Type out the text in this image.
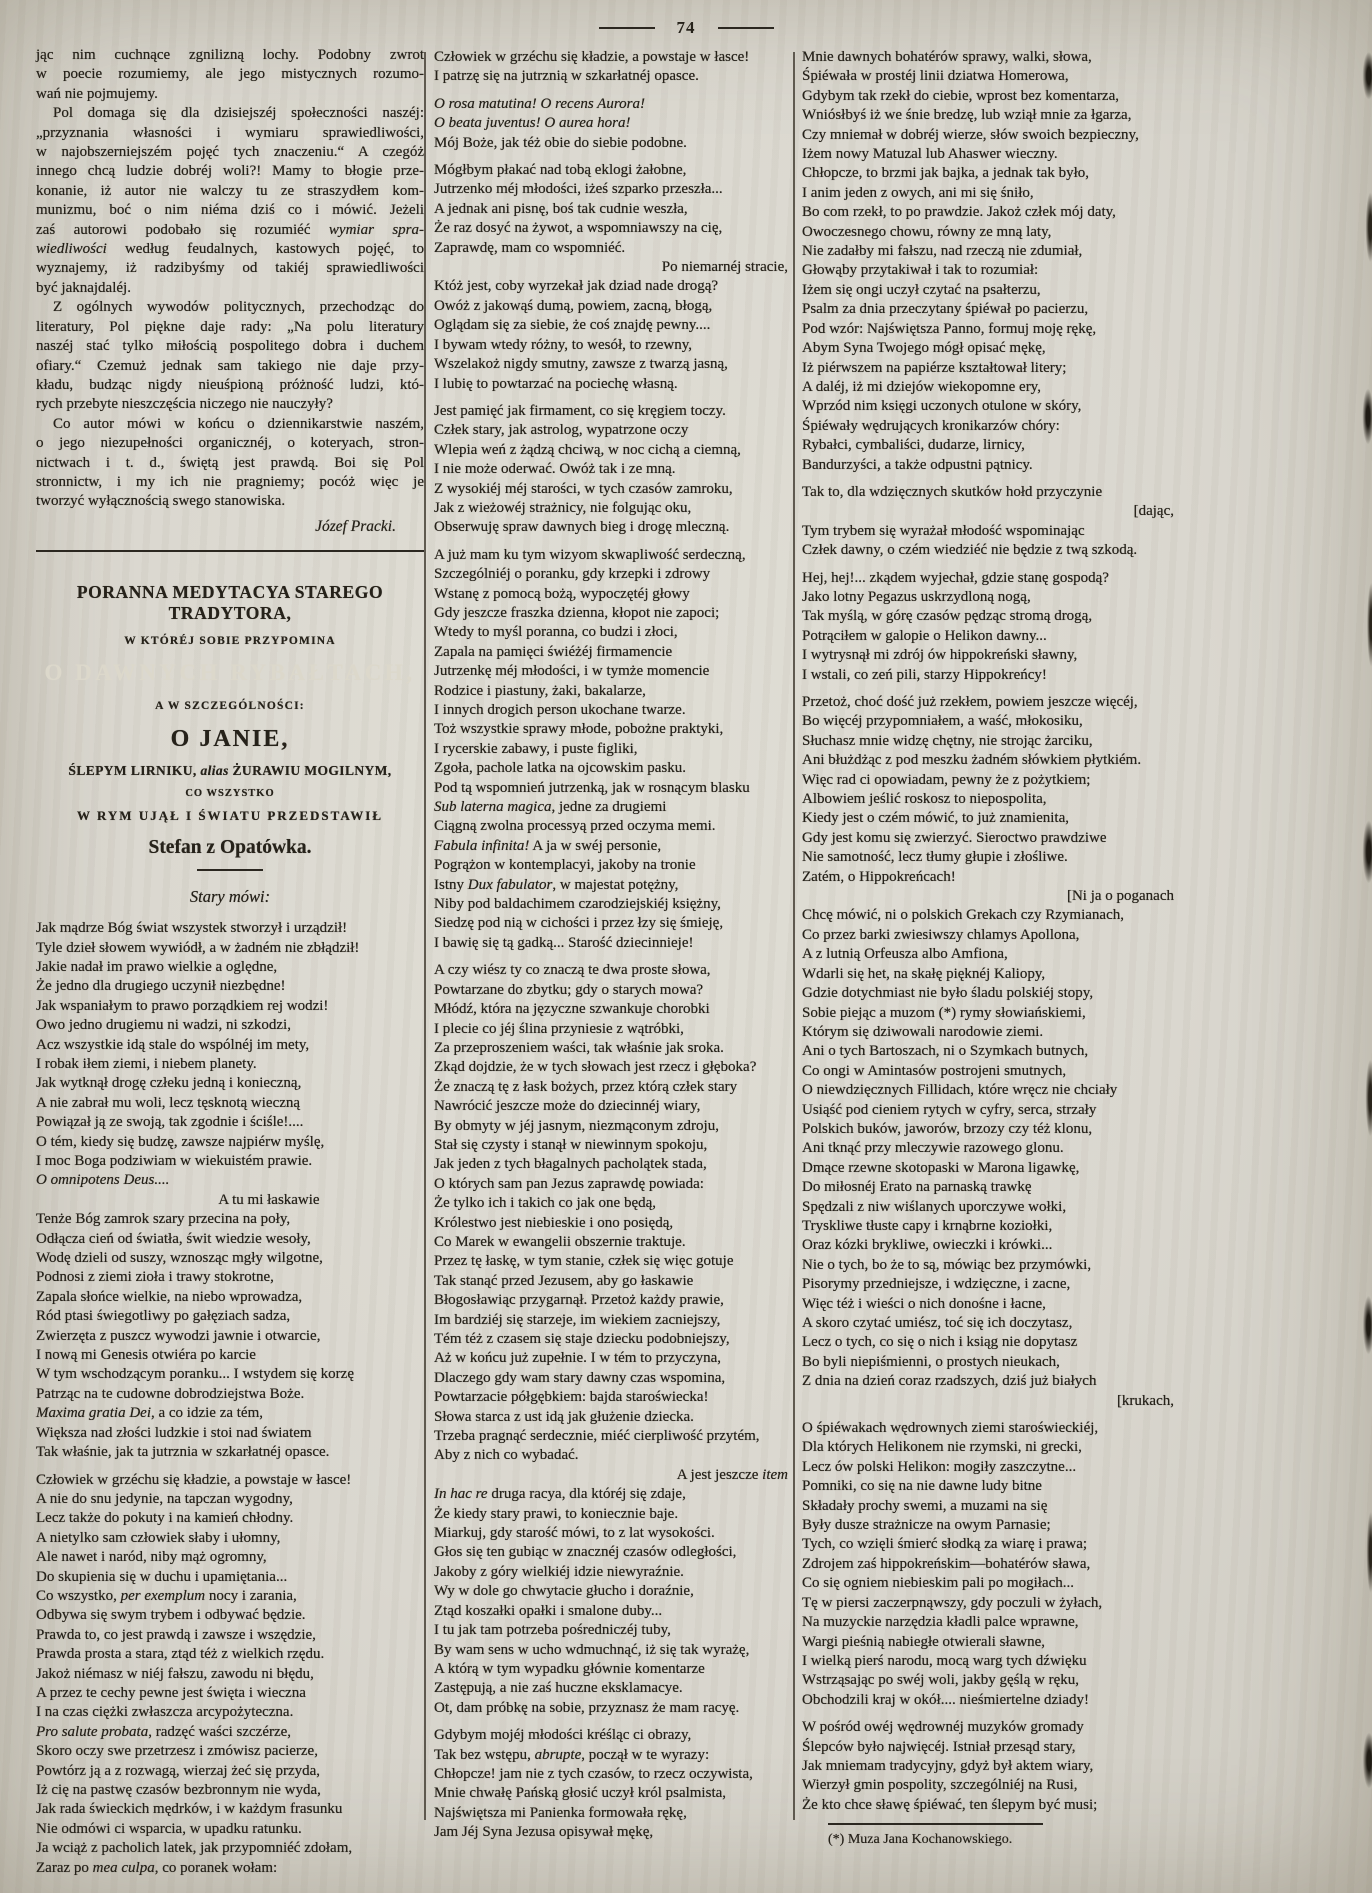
74
jąc nim cuchnące zgnilizną lochy. Podobny zwrot
w poecie rozumiemy, ale jego mistycznych rozumo-
wań nie pojmujemy.
Pol domaga się dla dzisiejszéj społeczności naszéj:
„przyznania własności i wymiaru sprawiedliwości,
w najobszerniejszém pojęć tych znaczeniu.“ A czegóż
innego chcą ludzie dobréj woli?! Mamy to błogie prze-
konanie, iż autor nie walczy tu ze straszydłem kom-
munizmu, boć o nim niéma dziś co i mówić. Jeżeli
zaś autorowi podobało się rozumiéć wymiar spra-
wiedliwości według feudalnych, kastowych pojęć, to
wyznajemy, iż radzibyśmy od takiéj sprawiedliwości
być jaknajdaléj.
Z ogólnych wywodów politycznych, przechodząc do
literatury, Pol piękne daje rady: „Na polu literatury
naszéj stać tylko miłością pospolitego dobra i duchem
ofiary.“ Czemuż jednak sam takiego nie daje przy-
kładu, budząc nigdy nieuśpioną próżność ludzi, któ-
rych przebyte nieszczęścia niczego nie nauczyły?
Co autor mówi w końcu o dziennikarstwie naszém,
o jego niezupełności organicznéj, o koteryach, stron-
nictwach i t. d., świętą jest prawdą. Boi się Pol
stronnictw, i my ich nie pragniemy; pocóż więc je
tworzyć wyłącznością swego stanowiska.
Józef Pracki.
PORANNA MEDYTACYA STAREGO TRADYTORA,
W KTÓRÉJ SOBIE PRZYPOMINA
O DAWNYCH RYBAŁTACH,
A W SZCZEGÓLNOŚCI:
O JANIE,
ŚLEPYM LIRNIKU, alias ŻURAWIU MOGILNYM,
CO WSZYSTKO
W RYM UJĄŁ I ŚWIATU PRZEDSTAWIŁ
Stefan z Opatówka.
Stary mówi:
Jak mądrze Bóg świat wszystek stworzył i urządził!
Tyle dzieł słowem wywiódł, a w żadném nie zbłądził!
Jakie nadał im prawo wielkie a oględne,
Że jedno dla drugiego uczynił niezbędne!
Jak wspaniałym to prawo porządkiem rej wodzi!
Owo jedno drugiemu ni wadzi, ni szkodzi,
Acz wszystkie idą stale do wspólnéj im mety,
I robak iłem ziemi, i niebem planety.
Jak wytknął drogę człeku jedną i konieczną,
A nie zabrał mu woli, lecz tęsknotą wieczną
Powiązał ją ze swoją, tak zgodnie i ściśle!....
O tém, kiedy się budzę, zawsze najpiérw myślę,
I moc Boga podziwiam w wiekuistém prawie.
O omnipotens Deus....
A tu mi łaskawie
Tenże Bóg zamrok szary przecina na poły,
Odłącza cień od światła, świt wiedzie wesoły,
Wodę dzieli od suszy, wznosząc mgły wilgotne,
Podnosi z ziemi zioła i trawy stokrotne,
Zapala słońce wielkie, na niebo wprowadza,
Ród ptasi świegotliwy po gałęziach sadza,
Zwierzęta z puszcz wywodzi jawnie i otwarcie,
I nową mi Genesis otwiéra po karcie
W tym wschodzącym poranku... I wstydem się korzę
Patrząc na te cudowne dobrodziejstwa Boże.
Maxima gratia Dei, a co idzie za tém,
Większa nad złości ludzkie i stoi nad światem
Tak właśnie, jak ta jutrznia w szkarłatnéj opasce.
Człowiek w grzéchu się kładzie, a powstaje w łasce!
A nie do snu jedynie, na tapczan wygodny,
Lecz także do pokuty i na kamień chłodny.
A nietylko sam człowiek słaby i ułomny,
Ale nawet i naród, niby mąż ogromny,
Do skupienia się w duchu i upamiętania...
Co wszystko, per exemplum nocy i zarania,
Odbywa się swym trybem i odbywać będzie.
Prawda to, co jest prawdą i zawsze i wszędzie,
Prawda prosta a stara, ztąd téż z wielkich rzędu.
Jakoż niémasz w niéj fałszu, zawodu ni błędu,
A przez te cechy pewne jest święta i wieczna
I na czas ciężki zwłaszcza arcypożyteczna.
Pro salute probata, radzęć waści szczérze,
Skoro oczy swe przetrzesz i zmówisz pacierze,
Powtórz ją a z rozwagą, wierzaj żeć się przyda,
Iż cię na pastwę czasów bezbronnym nie wyda,
Jak rada świeckich mędrków, i w każdym frasunku
Nie odmówi ci wsparcia, w upadku ratunku.
Ja wciąż z pacholich latek, jak przypomniéć zdołam,
Zaraz po mea culpa, co poranek wołam:
Człowiek w grzéchu się kładzie, a powstaje w łasce!
I patrzę się na jutrznią w szkarłatnéj opasce.
O rosa matutina! O recens Aurora!
O beata juventus! O aurea hora!
Mój Boże, jak téż obie do siebie podobne.
Mógłbym płakać nad tobą eklogi żałobne,
Jutrzenko méj młodości, iżeś szparko przeszła...
A jednak ani pisnę, boś tak cudnie weszła,
Że raz dosyć na żywot, a wspomniawszy na cię,
Zaprawdę, mam co wspomniéć.
Po niemarnéj stracie,
Któż jest, coby wyrzekał jak dziad nade drogą?
Owóż z jakowąś dumą, powiem, zacną, błogą,
Oglądam się za siebie, że coś znajdę pewny....
I bywam wtedy różny, to wesół, to rzewny,
Wszelakoż nigdy smutny, zawsze z twarzą jasną,
I lubię to powtarzać na pociechę własną.
Jest pamięć jak firmament, co się kręgiem toczy.
Człek stary, jak astrolog, wypatrzone oczy
Wlepia weń z żądzą chciwą, w noc cichą a ciemną,
I nie może oderwać. Owóż tak i ze mną.
Z wysokiéj méj starości, w tych czasów zamroku,
Jak z wieżowéj strażnicy, nie folgując oku,
Obserwuję spraw dawnych bieg i drogę mleczną.
A już mam ku tym wizyom skwapliwość serdeczną,
Szczególniéj o poranku, gdy krzepki i zdrowy
Wstanę z pomocą bożą, wypoczętéj głowy
Gdy jeszcze fraszka dzienna, kłopot nie zapoci;
Wtedy to myśl poranna, co budzi i złoci,
Zapala na pamięci świéżéj firmamencie
Jutrzenkę méj młodości, i w tymże momencie
Rodzice i piastuny, żaki, bakalarze,
I innych drogich person ukochane twarze.
Toż wszystkie sprawy młode, pobożne praktyki,
I rycerskie zabawy, i puste figliki,
Zgoła, pachole latka na ojcowskim pasku.
Pod tą wspomnień jutrzenką, jak w rosnącym blasku
Sub laterna magica, jedne za drugiemi
Ciągną zwolna processyą przed oczyma memi.
Fabula infinita! A ja w swéj personie,
Pogrążon w kontemplacyi, jakoby na tronie
Istny Dux fabulator, w majestat potężny,
Niby pod baldachimem czarodziejskiéj księżny,
Siedzę pod nią w cichości i przez łzy się śmieję,
I bawię się tą gadką... Starość dziecinnieje!
A czy wiész ty co znaczą te dwa proste słowa,
Powtarzane do zbytku; gdy o starych mowa?
Młódź, która na języczne szwankuje chorobki
I plecie co jéj ślina przyniesie z wątróbki,
Za przeproszeniem waści, tak właśnie jak sroka.
Zkąd dojdzie, że w tych słowach jest rzecz i głęboka?
Że znaczą tę z łask bożych, przez którą człek stary
Nawrócić jeszcze może do dziecinnéj wiary,
By obmyty w jéj jasnym, niezmąconym zdroju,
Stał się czysty i stanął w niewinnym spokoju,
Jak jeden z tych błagalnych pacholątek stada,
O których sam pan Jezus zaprawdę powiada:
Że tylko ich i takich co jak one będą,
Królestwo jest niebieskie i ono posiędą,
Co Marek w ewangelii obszernie traktuje.
Przez tę łaskę, w tym stanie, człek się więc gotuje
Tak stanąć przed Jezusem, aby go łaskawie
Błogosławiąc przygarnął. Przetoż każdy prawie,
Im bardziéj się starzeje, im wiekiem zacniejszy,
Tém téż z czasem się staje dziecku podobniejszy,
Aż w końcu już zupełnie. I w tém to przyczyna,
Dlaczego gdy wam stary dawny czas wspomina,
Powtarzacie półgębkiem: bajda staroświecka!
Słowa starca z ust idą jak głużenie dziecka.
Trzeba pragnąć serdecznie, miéć cierpliwość przytém,
Aby z nich co wybadać.
A jest jeszcze item
In hac re druga racya, dla któréj się zdaje,
Że kiedy stary prawi, to koniecznie baje.
Miarkuj, gdy starość mówi, to z lat wysokości.
Głos się ten gubiąc w znacznéj czasów odległości,
Jakoby z góry wielkiéj idzie niewyraźnie.
Wy w dole go chwytacie głucho i doraźnie,
Ztąd koszałki opałki i smalone duby...
I tu jak tam potrzeba pośredniczéj tuby,
By wam sens w ucho wdmuchnąć, iż się tak wyrażę,
A którą w tym wypadku głównie komentarze
Zastępują, a nie zaś huczne eksklamacye.
Ot, dam próbkę na sobie, przyznasz że mam racyę.
Gdybym mojéj młodości kréśląc ci obrazy,
Tak bez wstępu, abrupte, począł w te wyrazy:
Chłopcze! jam nie z tych czasów, to rzecz oczywista,
Mnie chwałę Pańską głosić uczył król psalmista,
Najświętsza mi Panienka formowała rękę,
Jam Jéj Syna Jezusa opisywał mękę,
Mnie dawnych bohatérów sprawy, walki, słowa,
Śpiéwała w prostéj linii dziatwa Homerowa,
Gdybym tak rzekł do ciebie, wprost bez komentarza,
Wniósłbyś iż we śnie bredzę, lub wziął mnie za łgarza,
Czy mniemał w dobréj wierze, słów swoich bezpieczny,
Iżem nowy Matuzal lub Ahaswer wieczny.
Chłopcze, to brzmi jak bajka, a jednak tak było,
I anim jeden z owych, ani mi się śniło,
Bo com rzekł, to po prawdzie. Jakoż człek mój daty,
Owoczesnego chowu, równy ze mną laty,
Nie zadałby mi fałszu, nad rzeczą nie zdumiał,
Głowąby przytakiwał i tak to rozumiał:
Iżem się ongi uczył czytać na psałterzu,
Psalm za dnia przeczytany śpiéwał po pacierzu,
Pod wzór: Najświętsza Panno, formuj moję rękę,
Abym Syna Twojego mógł opisać mękę,
Iż piérwszem na papiérze kształtował litery;
A daléj, iż mi dziejów wiekopomne ery,
Wprzód nim księgi uczonych otulone w skóry,
Śpiéwały wędrujących kronikarzów chóry:
Rybałci, cymbaliści, dudarze, lirnicy,
Bandurzyści, a także odpustni pątnicy.
Tak to, dla wdzięcznych skutków hołd przyczynie
[dając,
Tym trybem się wyrażał młodość wspominając
Człek dawny, o czém wiedziéć nie będzie z twą szkodą.
Hej, hej!... zkądem wyjechał, gdzie stanę gospodą?
Jako lotny Pegazus uskrzydloną nogą,
Tak myślą, w górę czasów pędząc stromą drogą,
Potrąciłem w galopie o Helikon dawny...
I wytrysnął mi zdrój ów hippokreński sławny,
I wstali, co zeń pili, starzy Hippokreńcy!
Przetoż, choć dość już rzekłem, powiem jeszcze więcéj,
Bo więcéj przypomniałem, a waść, młokosiku,
Słuchasz mnie widzę chętny, nie strojąc żarciku,
Ani błużdżąc z pod meszku żadném słówkiem płytkiém.
Więc rad ci opowiadam, pewny że z pożytkiem;
Albowiem jeślić roskosz to niepospolita,
Kiedy jest o czém mówić, to już znamienita,
Gdy jest komu się zwierzyć. Sieroctwo prawdziwe
Nie samotność, lecz tłumy głupie i złośliwe.
Zatém, o Hippokreńcach!
[Ni ja o poganach
Chcę mówić, ni o polskich Grekach czy Rzymianach,
Co przez barki zwiesiwszy chlamys Apollona,
A z lutnią Orfeusza albo Amfiona,
Wdarli się het, na skałę pięknéj Kaliopy,
Gdzie dotychmiast nie było śladu polskiéj stopy,
Sobie piejąc a muzom (*) rymy słowiańskiemi,
Którym się dziwowali narodowie ziemi.
Ani o tych Bartoszach, ni o Szymkach butnych,
Co ongi w Amintasów postrojeni smutnych,
O niewdzięcznych Fillidach, które wręcz nie chciały
Usiąść pod cieniem rytych w cyfry, serca, strzały
Polskich buków, jaworów, brzozy czy téż klonu,
Ani tknąć przy mleczywie razowego glonu.
Dmące rzewne skotopaski w Marona ligawkę,
Do miłosnéj Erato na parnaską trawkę
Spędzali z niw wiślanych uporczywe wołki,
Tryskliwe tłuste capy i krnąbrne koziołki,
Oraz kózki brykliwe, owieczki i krówki...
Nie o tych, bo że to są, mówiąc bez przymówki,
Pisorymy przedniejsze, i wdzięczne, i zacne,
Więc téż i wieści o nich donośne i łacne,
A skoro czytać umiész, toć się ich doczytasz,
Lecz o tych, co się o nich i ksiąg nie dopytasz
Bo byli niepiśmienni, o prostych nieukach,
Z dnia na dzień coraz rzadszych, dziś już białych
[krukach,
O śpiéwakach wędrownych ziemi staroświeckiéj,
Dla których Helikonem nie rzymski, ni grecki,
Lecz ów polski Helikon: mogiły zaszczytne...
Pomniki, co się na nie dawne ludy bitne
Składały prochy swemi, a muzami na się
Były dusze strażnicze na owym Parnasie;
Tych, co wzięli śmierć słodką za wiarę i prawa;
Zdrojem zaś hippokreńskim—bohatérów sława,
Co się ogniem niebieskim pali po mogiłach...
Tę w piersi zaczerpnąwszy, gdy poczuli w żyłach,
Na muzyckie narzędzia kładli palce wprawne,
Wargi pieśnią nabiegłe otwierali sławne,
I wielką pierś narodu, mocą warg tych dźwięku
Wstrząsając po swéj woli, jakby gęślą w ręku,
Obchodzili kraj w okół.... nieśmiertelne dziady!
W pośród owéj wędrownéj muzyków gromady
Ślepców było najwięcéj. Istniał przesąd stary,
Jak mniemam tradycyjny, gdyż był aktem wiary,
Wierzył gmin pospolity, szczególniéj na Rusi,
Że kto chce sławę śpiéwać, ten ślepym być musi;
(*) Muza Jana Kochanowskiego.
